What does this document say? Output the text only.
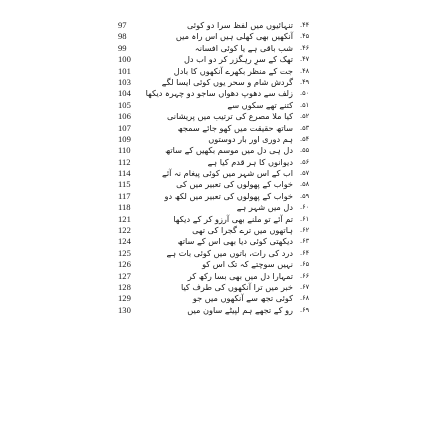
97	تنہائیوں میں لفظ سرا دو کوئی ۴۴.
98	آنکھیں بھی کھلی ہیں اس راہ میں ۴۵.
99	شب باقی ہے یا کوئی افسانہ ۴۶.
100	تھک کے سرِ رہگزر کر دو اب دل ۴۷.
101	جت کے منظر بکھرے آنکھوں کا بادل ۴۸.
103	گردش شام و سحر یوں کوئی ایسا لگے ۴۹.
104	زلف سے دھوپ دھواں ساجو دو چہرہ دیکھا ۵۰.
105	کتنے تھے سکوں سے ۵۱.
106	کیا ملا مصرع کی ترتیب میں پریشانی ۵۲.
107	ساتھ حقیقت میں کھو جائے سمجھ ۵۳.
109	ہم دوری اور بار دوستوں ۵۴.
110	دل ہی دل میں موسم بکھیں کے ساتھ ۵۵.
112	دیوانوں کا ہر قدم کیا ہے ۵۶.
114	اب کے اس شہر میں کوئی پیغام نہ آئے ۵۷.
115	خواب کے پھولوں کی تعبیر میں کی ۵۸.
117	خواب کے پھولوں کی تعبیر میں لکھ دو ۵۹.
118	دل میں شہر ہے ۶۰.
121	تم آئے تو ملنے بھی آرزو کر کے دیکھا ۶۱.
122	ہاتھوں میں ترے گجرا کی تھی ۶۲.
124	دیکھتی کوئی دیا بھی اس کے ساتھ ۶۳.
125	درد کی رات، باتوں میں کوئی بات ہے ۶۴.
126	نہیں سوچتے کہ تک اس کو ۶۵.
127	تمہارا دل میں بھی بسا رکھ کر ۶۶.
128	خبر میں ترا آنکھوں کی طرف کیا ۶۷.
129	کوئی تجھ سے آنکھوں میں جو ۶۸.
130	رو کے تجھے ہم لپیٹے ساون میں ۶۹.
